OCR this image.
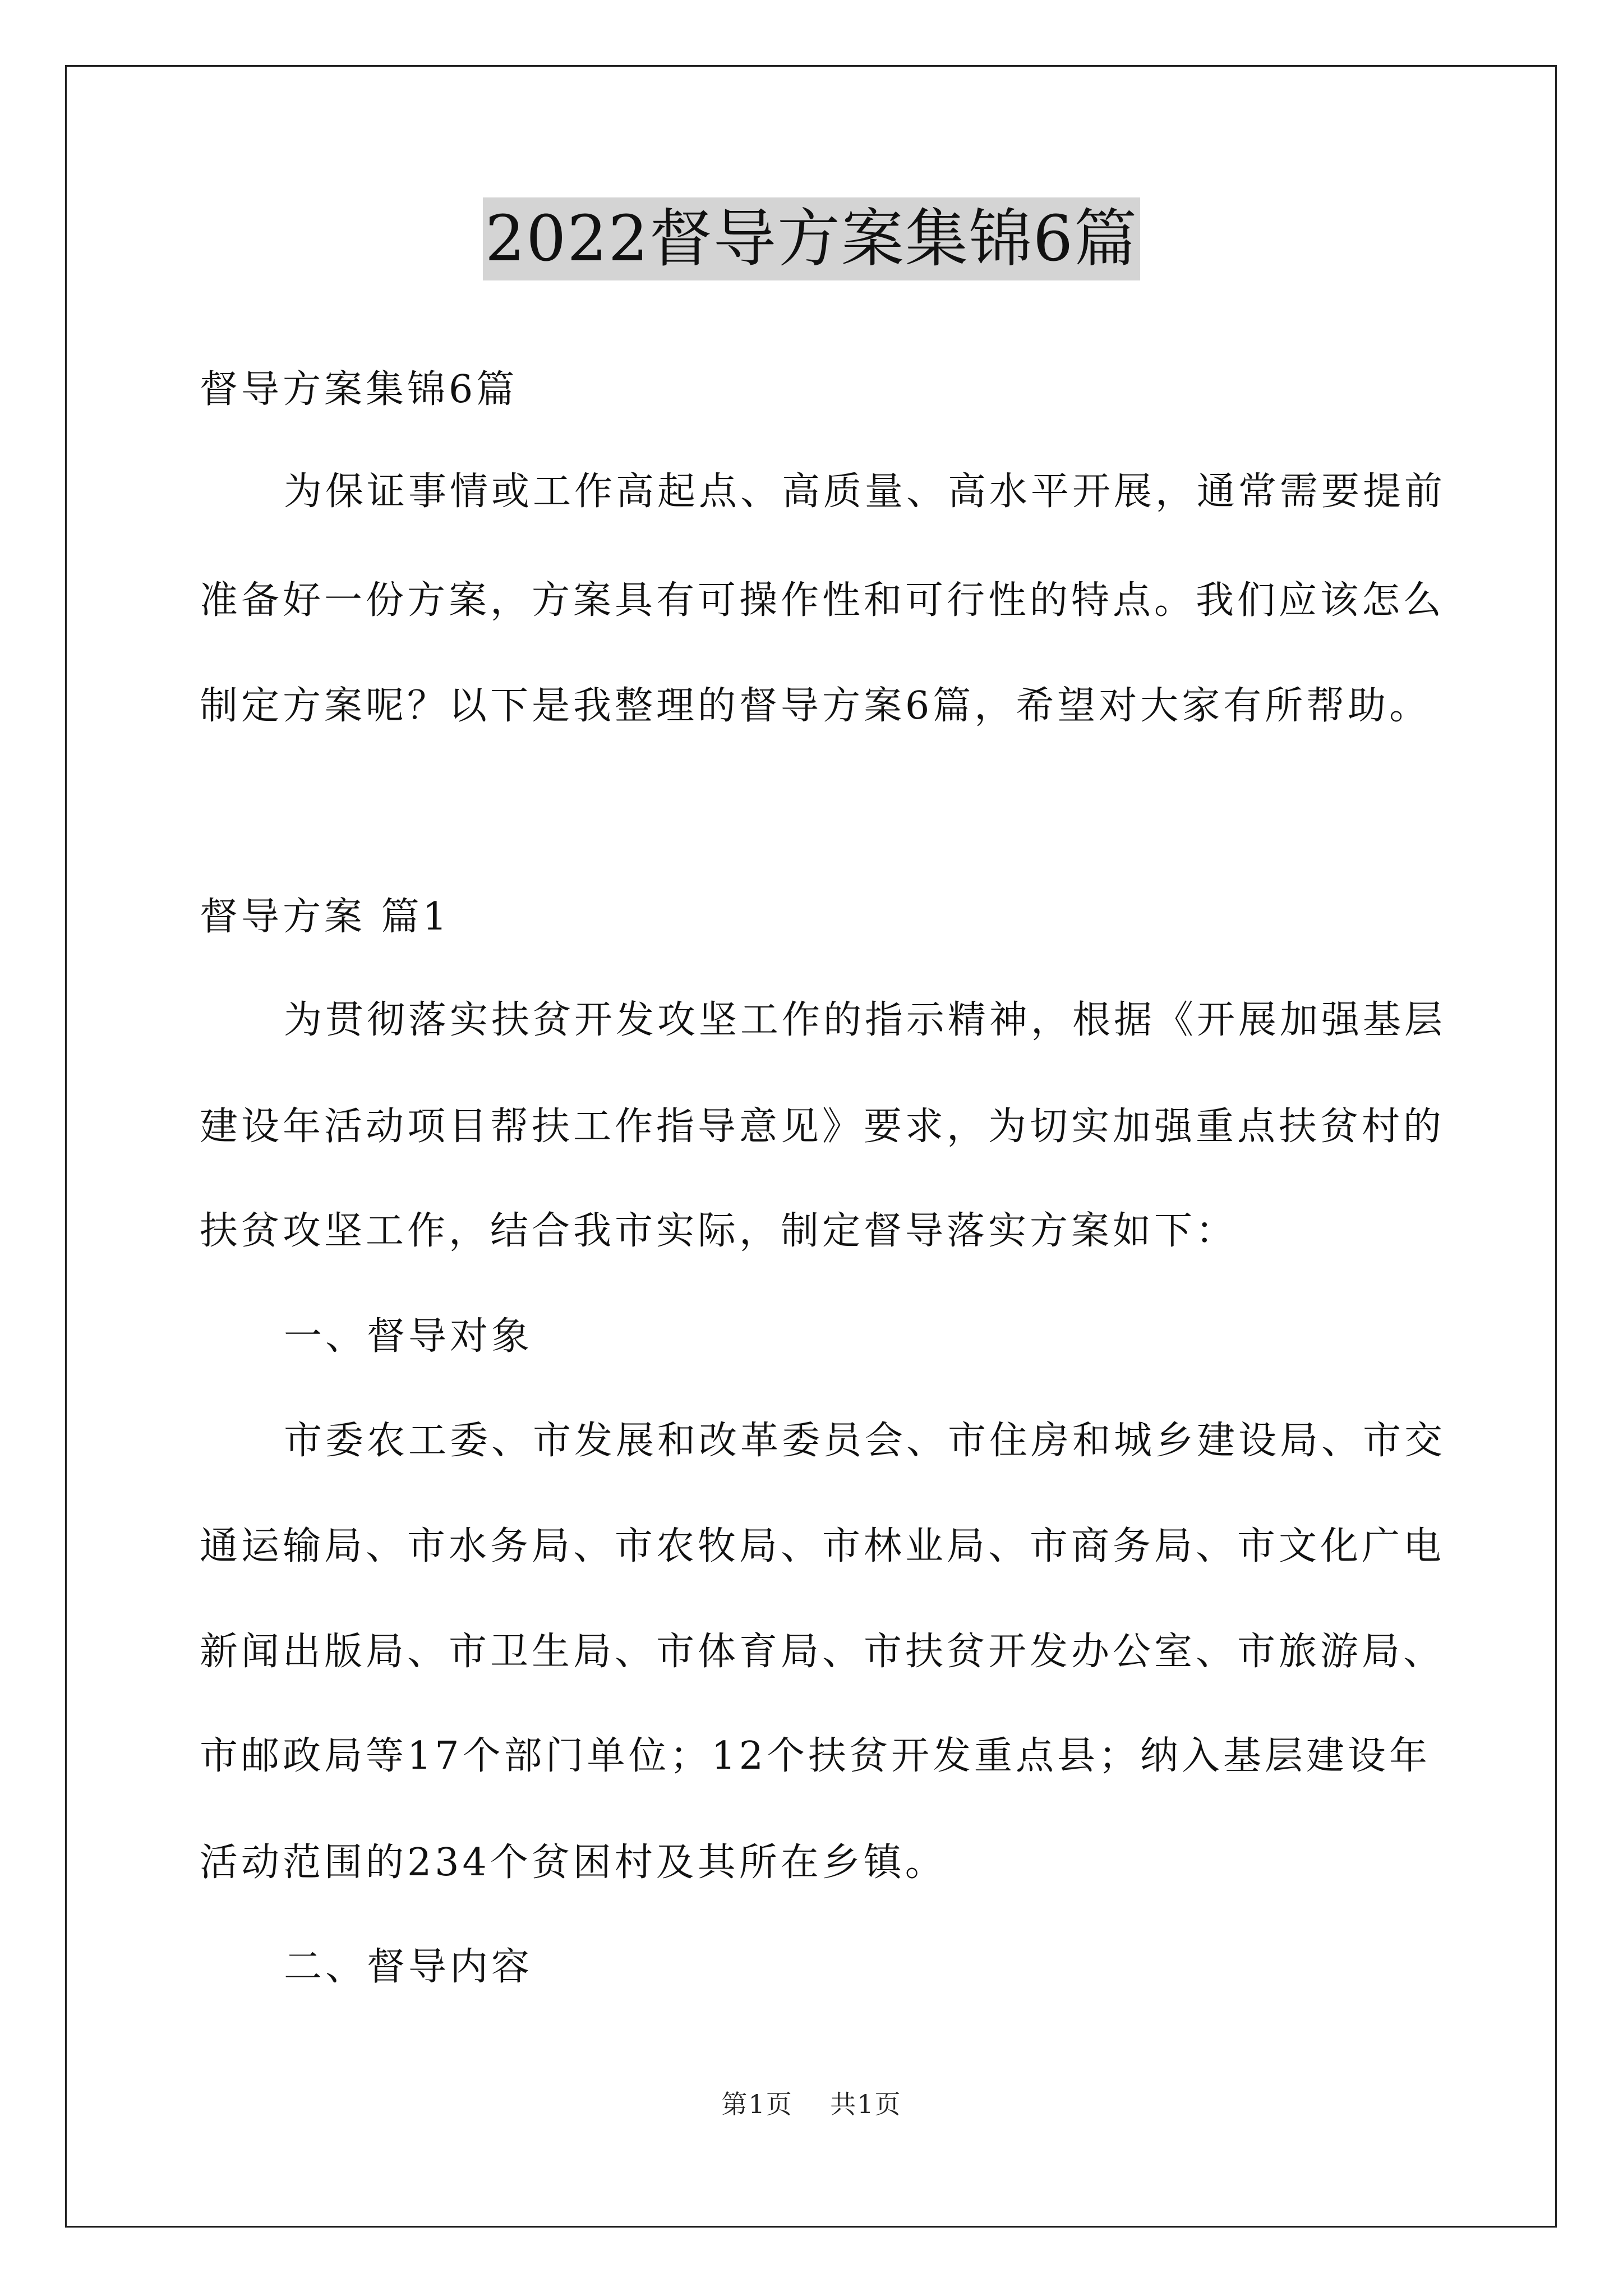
2022督导方案集锦6篇
督导方案集锦6篇
为保证事情或工作高起点、高质量、高水平开展，通常需要提前
准备好一份方案，方案具有可操作性和可行性的特点。我们应该怎么
制定方案呢？以下是我整理的督导方案6篇，希望对大家有所帮助。
督导方案 篇1
为贯彻落实扶贫开发攻坚工作的指示精神，根据《开展加强基层
建设年活动项目帮扶工作指导意见》要求，为切实加强重点扶贫村的
扶贫攻坚工作，结合我市实际，制定督导落实方案如下：
一、督导对象
市委农工委、市发展和改革委员会、市住房和城乡建设局、市交
通运输局、市水务局、市农牧局、市林业局、市商务局、市文化广电
新闻出版局、市卫生局、市体育局、市扶贫开发办公室、市旅游局、
市邮政局等17个部门单位；12个扶贫开发重点县；纳入基层建设年
活动范围的234个贫困村及其所在乡镇。
二、督导内容
第1页    共1页
